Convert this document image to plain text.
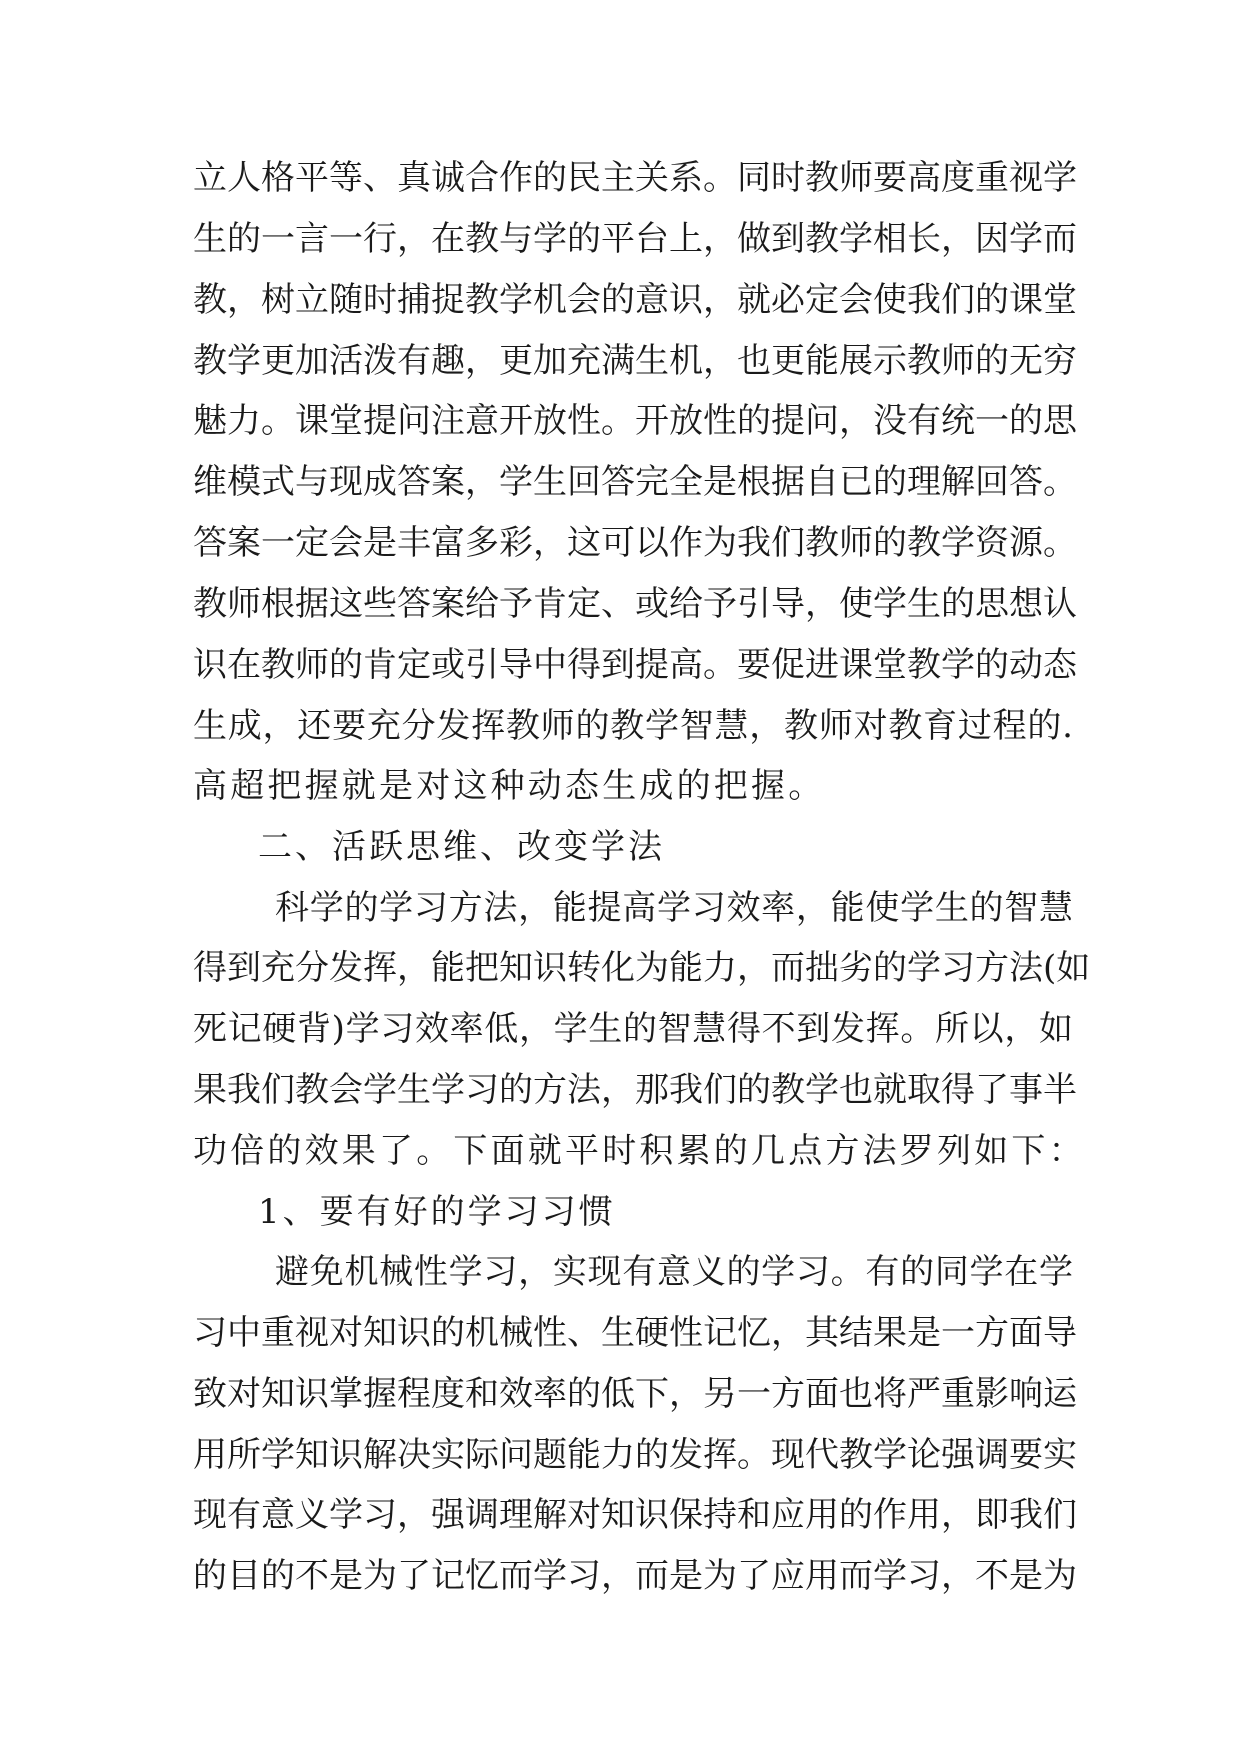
立人格平等、真诚合作的民主关系。同时教师要高度重视学
生的一言一行，在教与学的平台上，做到教学相长，因学而
教，树立随时捕捉教学机会的意识，就必定会使我们的课堂
教学更加活泼有趣，更加充满生机，也更能展示教师的无穷
魅力。课堂提问注意开放性。开放性的提问，没有统一的思
维模式与现成答案，学生回答完全是根据自已的理解回答。
答案一定会是丰富多彩，这可以作为我们教师的教学资源。
教师根据这些答案给予肯定、或给予引导，使学生的思想认
识在教师的肯定或引导中得到提高。要促进课堂教学的动态
生成，还要充分发挥教师的教学智慧，教师对教育过程的.
高超把握就是对这种动态生成的把握。
二、活跃思维、改变学法
科学的学习方法，能提高学习效率，能使学生的智慧
得到充分发挥，能把知识转化为能力，而拙劣的学习方法(如
死记硬背)学习效率低，学生的智慧得不到发挥。所以，如
果我们教会学生学习的方法，那我们的教学也就取得了事半
功倍的效果了。下面就平时积累的几点方法罗列如下：
1、要有好的学习习惯
避免机械性学习，实现有意义的学习。有的同学在学
习中重视对知识的机械性、生硬性记忆，其结果是一方面导
致对知识掌握程度和效率的低下，另一方面也将严重影响运
用所学知识解决实际问题能力的发挥。现代教学论强调要实
现有意义学习，强调理解对知识保持和应用的作用，即我们
的目的不是为了记忆而学习，而是为了应用而学习，不是为
